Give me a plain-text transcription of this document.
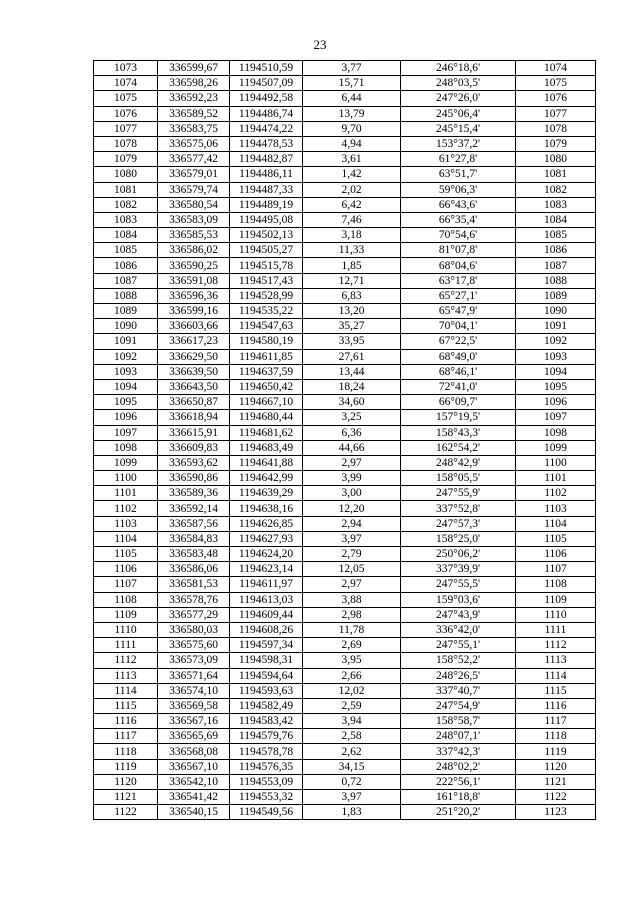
23
1073	336599,67	1194510,59	3,77	246°18,6'	1074
1074	336598,26	1194507,09	15,71	248°03,5'	1075
1075	336592,23	1194492,58	6,44	247°26,0'	1076
1076	336589,52	1194486,74	13,79	245°06,4'	1077
1077	336583,75	1194474,22	9,70	245°15,4'	1078
1078	336575,06	1194478,53	4,94	153°37,2'	1079
1079	336577,42	1194482,87	3,61	61°27,8'	1080
1080	336579,01	1194486,11	1,42	63°51,7'	1081
1081	336579,74	1194487,33	2,02	59°06,3'	1082
1082	336580,54	1194489,19	6,42	66°43,6'	1083
1083	336583,09	1194495,08	7,46	66°35,4'	1084
1084	336585,53	1194502,13	3,18	70°54,6'	1085
1085	336586,02	1194505,27	11,33	81°07,8'	1086
1086	336590,25	1194515,78	1,85	68°04,6'	1087
1087	336591,08	1194517,43	12,71	63°17,8'	1088
1088	336596,36	1194528,99	6,83	65°27,1'	1089
1089	336599,16	1194535,22	13,20	65°47,9'	1090
1090	336603,66	1194547,63	35,27	70°04,1'	1091
1091	336617,23	1194580,19	33,95	67°22,5'	1092
1092	336629,50	1194611,85	27,61	68°49,0'	1093
1093	336639,50	1194637,59	13,44	68°46,1'	1094
1094	336643,50	1194650,42	18,24	72°41,0'	1095
1095	336650,87	1194667,10	34,60	66°09,7'	1096
1096	336618,94	1194680,44	3,25	157°19,5'	1097
1097	336615,91	1194681,62	6,36	158°43,3'	1098
1098	336609,83	1194683,49	44,66	162°54,2'	1099
1099	336593,62	1194641,88	2,97	248°42,9'	1100
1100	336590,86	1194642,99	3,99	158°05,5'	1101
1101	336589,36	1194639,29	3,00	247°55,9'	1102
1102	336592,14	1194638,16	12,20	337°52,8'	1103
1103	336587,56	1194626,85	2,94	247°57,3'	1104
1104	336584,83	1194627,93	3,97	158°25,0'	1105
1105	336583,48	1194624,20	2,79	250°06,2'	1106
1106	336586,06	1194623,14	12,05	337°39,9'	1107
1107	336581,53	1194611,97	2,97	247°55,5'	1108
1108	336578,76	1194613,03	3,88	159°03,6'	1109
1109	336577,29	1194609,44	2,98	247°43,9'	1110
1110	336580,03	1194608,26	11,78	336°42,0'	1111
1111	336575,60	1194597,34	2,69	247°55,1'	1112
1112	336573,09	1194598,31	3,95	158°52,2'	1113
1113	336571,64	1194594,64	2,66	248°26,5'	1114
1114	336574,10	1194593,63	12,02	337°40,7'	1115
1115	336569,58	1194582,49	2,59	247°54,9'	1116
1116	336567,16	1194583,42	3,94	158°58,7'	1117
1117	336565,69	1194579,76	2,58	248°07,1'	1118
1118	336568,08	1194578,78	2,62	337°42,3'	1119
1119	336567,10	1194576,35	34,15	248°02,2'	1120
1120	336542,10	1194553,09	0,72	222°56,1'	1121
1121	336541,42	1194553,32	3,97	161°18,8'	1122
1122	336540,15	1194549,56	1,83	251°20,2'	1123
